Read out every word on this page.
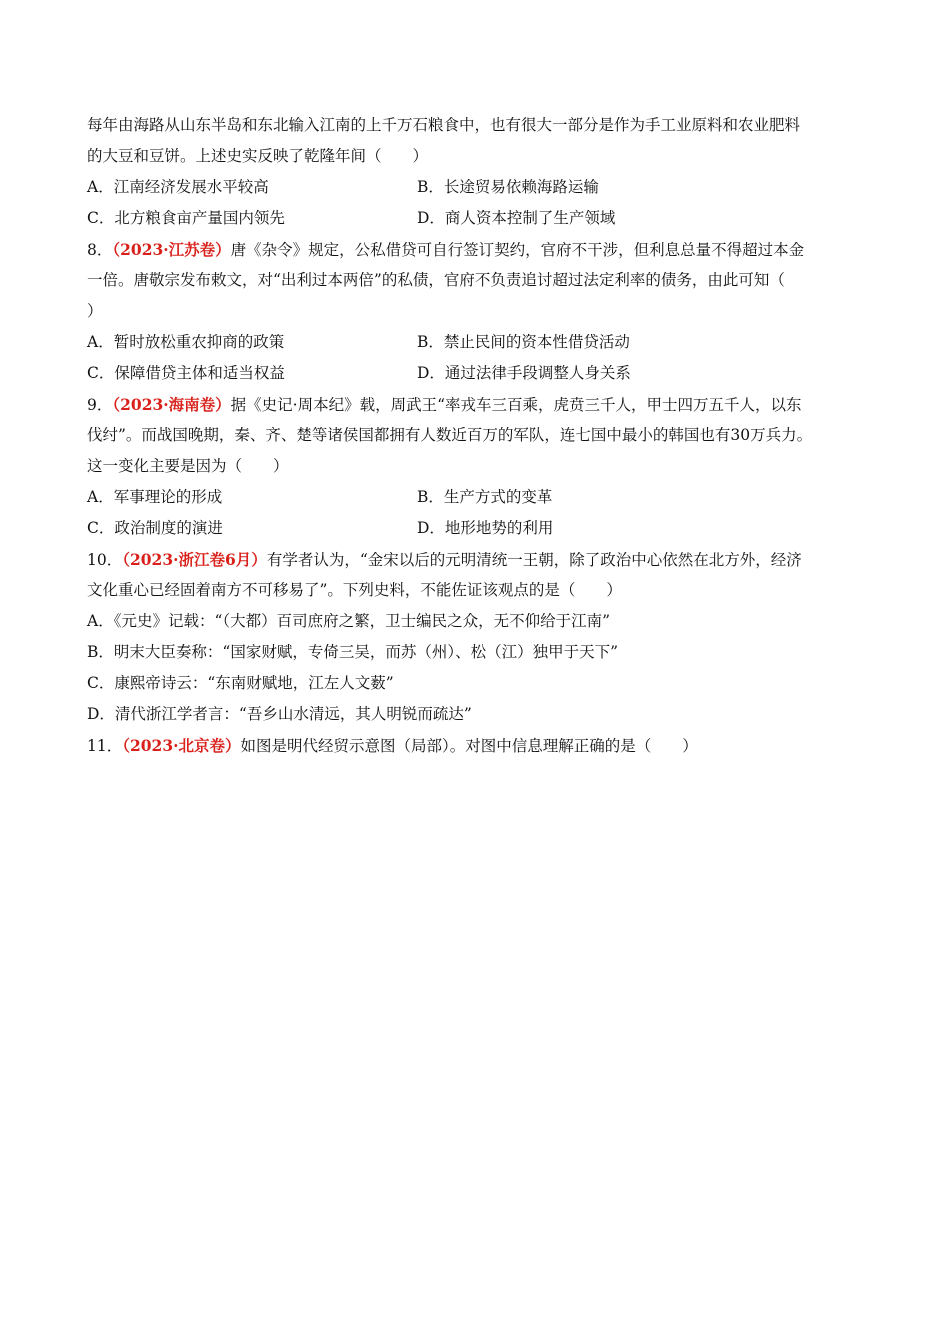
每年由海路从山东半岛和东北输入江南的上千万石粮食中，也有很大一部分是作为手工业原料和农业肥料
的大豆和豆饼。上述史实反映了乾隆年间（　　）
A．江南经济发展水平较高	B．长途贸易依赖海路运输
C．北方粮食亩产量国内领先	D．商人资本控制了生产领域
8．（2023·江苏卷）唐《杂令》规定，公私借贷可自行签订契约，官府不干涉，但利息总量不得超过本金
一倍。唐敬宗发布敕文，对“出利过本两倍”的私债，官府不负责追讨超过法定利率的债务，由此可知（
）
A．暂时放松重农抑商的政策	B．禁止民间的资本性借贷活动
C．保障借贷主体和适当权益	D．通过法律手段调整人身关系
9．（2023·海南卷）据《史记·周本纪》载，周武王“率戎车三百乘，虎贲三千人，甲士四万五千人，以东
伐纣”。而战国晚期，秦、齐、楚等诸侯国都拥有人数近百万的军队，连七国中最小的韩国也有30万兵力。
这一变化主要是因为（　　）
A．军事理论的形成	B．生产方式的变革
C．政治制度的演进	D．地形地势的利用
10．（2023·浙江卷6月）有学者认为，“金宋以后的元明清统一王朝，除了政治中心依然在北方外，经济
文化重心已经固着南方不可移易了”。下列史料，不能佐证该观点的是（　　）
A．《元史》记载：“（大都）百司庶府之繁，卫士编民之众，无不仰给于江南”
B．明末大臣奏称：“国家财赋，专倚三吴，而苏（州）、松（江）独甲于天下”
C．康熙帝诗云：“东南财赋地，江左人文薮”
D．清代浙江学者言：“吾乡山水清远，其人明锐而疏达”
11．（2023·北京卷）如图是明代经贸示意图（局部）。对图中信息理解正确的是（　　）
